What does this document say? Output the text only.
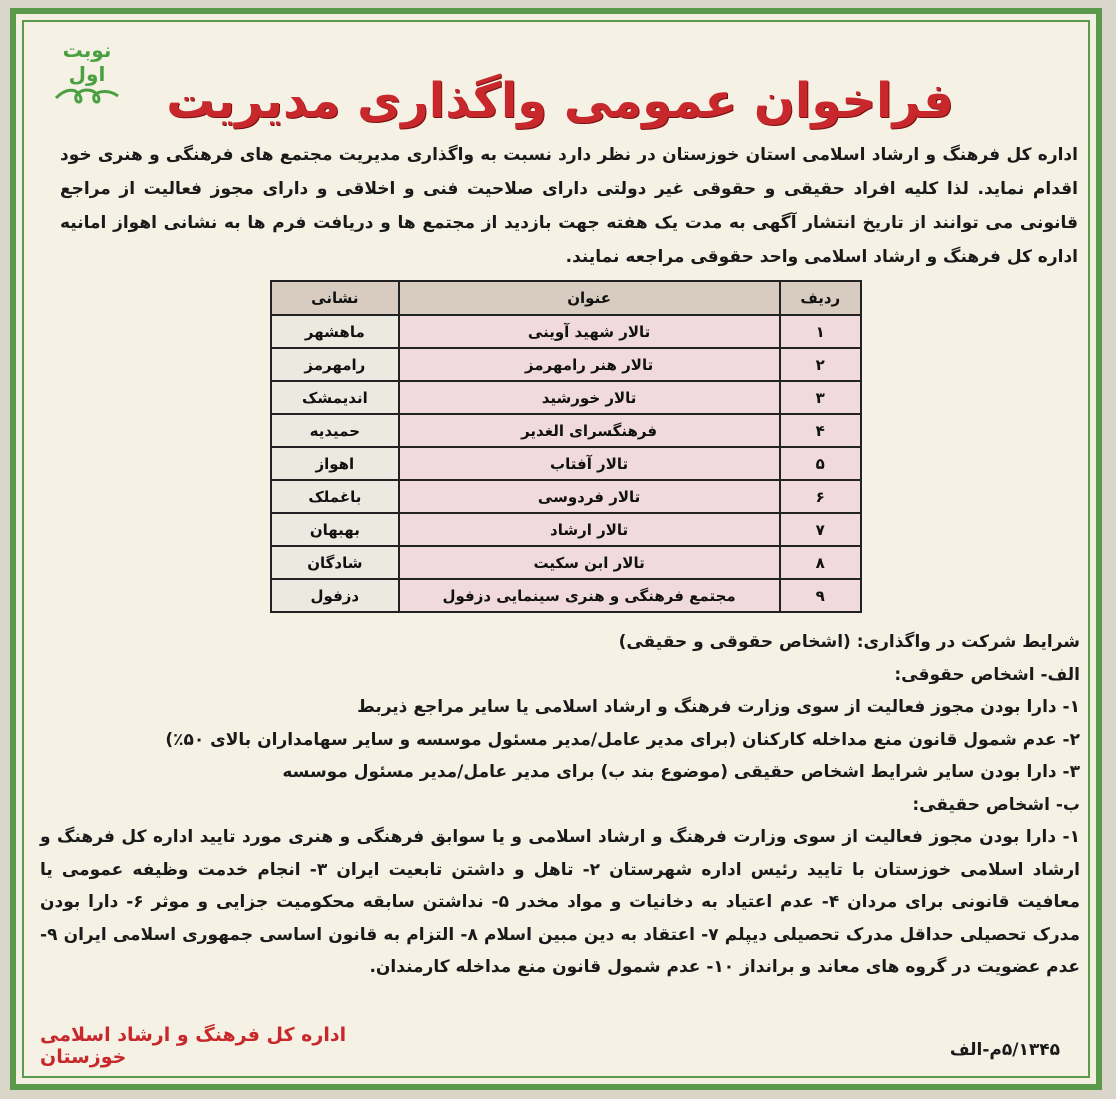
نوبت اول	فراخوان عمومی واگذاری مدیریت
اداره کل فرهنگ و ارشاد اسلامی استان خوزستان در نظر دارد نسبت به واگذاری مدیریت مجتمع های فرهنگی و هنری خود اقدام نماید. لذا کلیه افراد حقیقی و حقوقی غیر دولتی دارای صلاحیت فنی و اخلاقی و دارای مجوز فعالیت از مراجع قانونی می توانند از تاریخ انتشار آگهی به مدت یک هفته جهت بازدید از مجتمع ها و دریافت فرم ها به نشانی اهواز امانیه اداره کل فرهنگ و ارشاد اسلامی واحد حقوقی مراجعه نمایند.
ردیف	عنوان	نشانی
۱	تالار شهید آوینی	ماهشهر
۲	تالار هنر رامهرمز	رامهرمز
۳	تالار خورشید	اندیمشک
۴	فرهنگسرای الغدیر	حمیدیه
۵	تالار آفتاب	اهواز
۶	تالار فردوسی	باغملک
۷	تالار ارشاد	بهبهان
۸	تالار ابن سکیت	شادگان
۹	مجتمع فرهنگی و هنری سینمایی دزفول	دزفول

شرایط شرکت در واگذاری: (اشخاص حقوقی و حقیقی)

الف- اشخاص حقوقی:

۱- دارا بودن مجوز فعالیت از سوی وزارت فرهنگ و ارشاد اسلامی یا سایر مراجع ذیربط

۲- عدم شمول قانون منع مداخله کارکنان (برای مدیر عامل/مدیر مسئول موسسه و سایر سهامداران بالای ۵۰٪)

۳- دارا بودن سایر شرایط اشخاص حقیقی (موضوع بند ب) برای مدیر عامل/مدیر مسئول موسسه

ب- اشخاص حقیقی:

۱- دارا بودن مجوز فعالیت از سوی وزارت فرهنگ و ارشاد اسلامی و یا سوابق فرهنگی و هنری مورد تایید اداره کل فرهنگ و ارشاد اسلامی خوزستان با تایید رئیس اداره شهرستان ۲- تاهل و داشتن تابعیت ایران ۳- انجام خدمت وظیفه عمومی یا معافیت قانونی برای مردان ۴- عدم اعتیاد به دخانیات و مواد مخدر ۵- نداشتن سابقه محکومیت جزایی و موثر ۶- دارا بودن مدرک تحصیلی حداقل مدرک تحصیلی دیپلم ۷- اعتقاد به دین مبین اسلام ۸- التزام به قانون اساسی جمهوری اسلامی ایران ۹- عدم عضویت در گروه های معاند و برانداز ۱۰- عدم شمول قانون منع مداخله کارمندان.

اداره کل فرهنگ و ارشاد اسلامی خوزستان	۵/۱۳۴۵م-الف
